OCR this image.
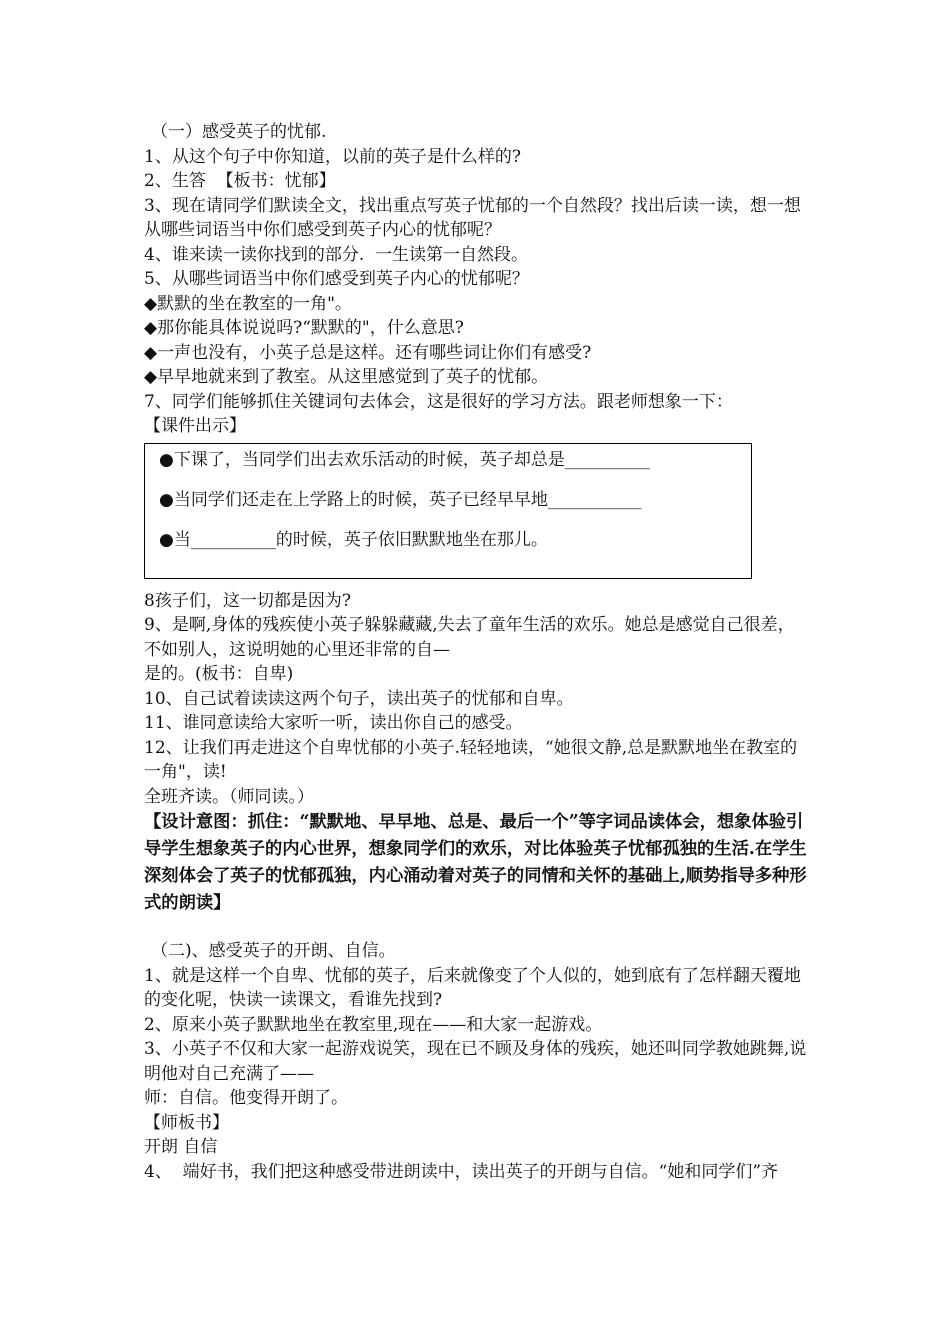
（一）感受英子的忧郁.
1、从这个句子中你知道，以前的英子是什么样的?
2、生答  【板书：忧郁】
3、现在请同学们默读全文，找出重点写英子忧郁的一个自然段？找出后读一读，想一想从哪些词语当中你们感受到英子内心的忧郁呢？
4、谁来读一读你找到的部分.  一生读第一自然段。
5、从哪些词语当中你们感受到英子内心的忧郁呢？
◆默默的坐在教室的一角"。
◆那你能具体说说吗?“默默的"，什么意思?
◆一声也没有，小英子总是这样。还有哪些词让你们有感受?
◆早早地就来到了教室。从这里感觉到了英子的忧郁。
7、同学们能够抓住关键词句去体会，这是很好的学习方法。跟老师想象一下：
【课件出示】
●下课了，当同学们出去欢乐活动的时候，英子却总是__________
●当同学们还走在上学路上的时候，英子已经早早地___________
●当__________的时候，英子依旧默默地坐在那儿。
8孩子们，这一切都是因为?
9、是啊,身体的残疾使小英子躲躲藏藏,失去了童年生活的欢乐。她总是感觉自己很差，不如别人，这说明她的心里还非常的自—
是的。(板书：自卑)
10、自己试着读读这两个句子，读出英子的忧郁和自卑。
11、谁同意读给大家听一听，读出你自己的感受。
12、让我们再走进这个自卑忧郁的小英子.轻轻地读，“她很文静,总是默默地坐在教室的一角"，读!
全班齐读。（师同读。）
【设计意图：抓住：“默默地、早早地、总是、最后一个”等字词品读体会，想象体验引导学生想象英子的内心世界，想象同学们的欢乐，对比体验英子忧郁孤独的生活.在学生深刻体会了英子的忧郁孤独，内心涌动着对英子的同情和关怀的基础上,顺势指导多种形式的朗读】
（二)、感受英子的开朗、自信。
1、就是这样一个自卑、忧郁的英子，后来就像变了个人似的，她到底有了怎样翻天覆地的变化呢，快读一读课文，看谁先找到?
2、原来小英子默默地坐在教室里,现在——和大家一起游戏。
3、小英子不仅和大家一起游戏说笑，现在已不顾及身体的残疾，她还叫同学教她跳舞,说明他对自己充满了——
师：自信。他变得开朗了。
【师板书】
开朗 自信
4、  端好书，我们把这种感受带进朗读中，读出英子的开朗与自信。“她和同学们”齐
